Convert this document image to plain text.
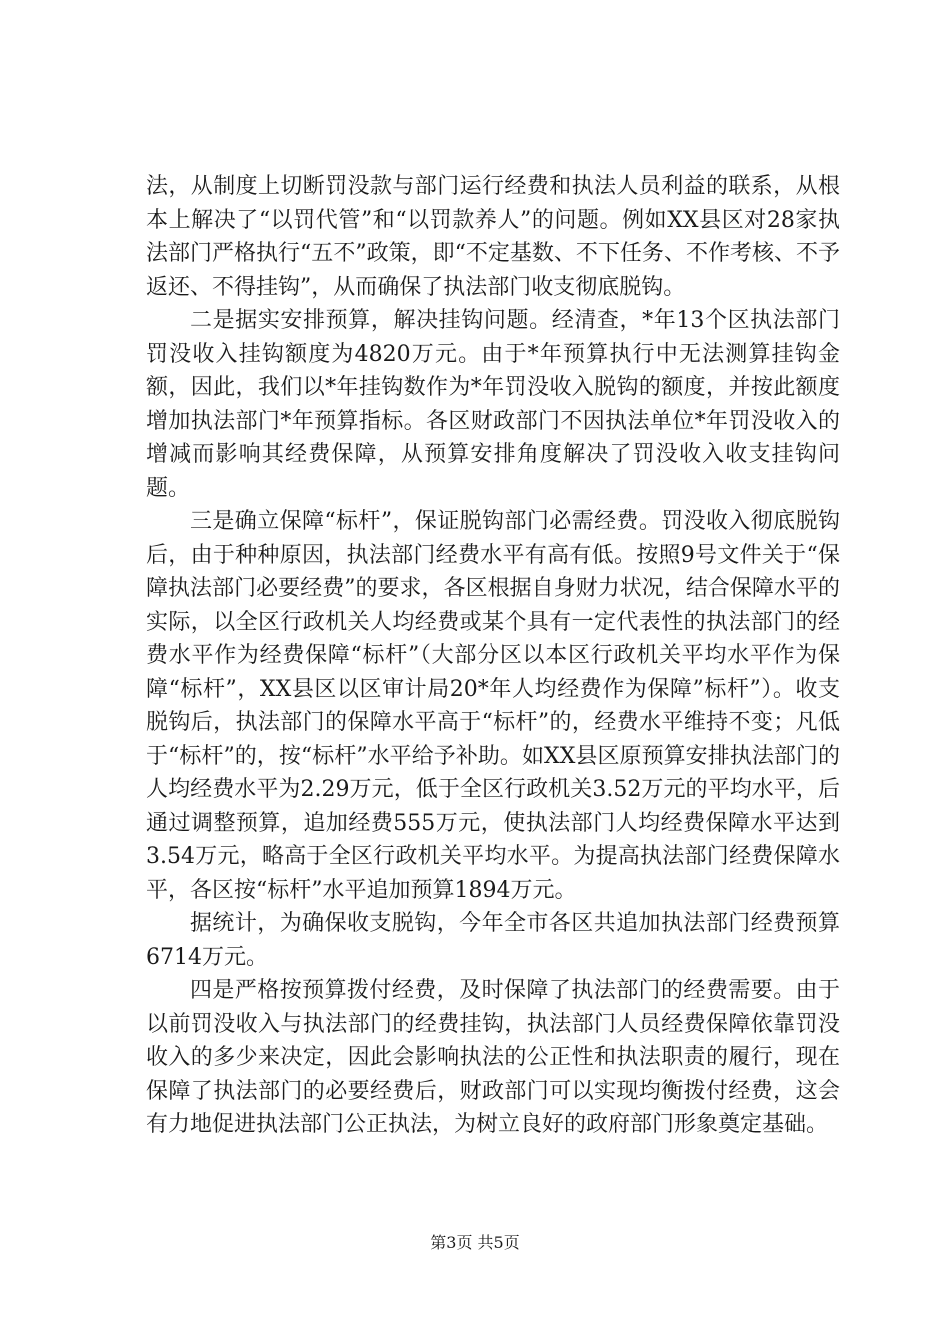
法，从制度上切断罚没款与部门运行经费和执法人员利益的联系，从根本上解决了“以罚代管”和“以罚款养人”的问题。例如XX县区对28家执法部门严格执行“五不”政策，即“不定基数、不下任务、不作考核、不予返还、不得挂钩”，从而确保了执法部门收支彻底脱钩。

二是据实安排预算，解决挂钩问题。经清查，*年13个区执法部门罚没收入挂钩额度为4820万元。由于*年预算执行中无法测算挂钩金额，因此，我们以*年挂钩数作为*年罚没收入脱钩的额度，并按此额度增加执法部门*年预算指标。各区财政部门不因执法单位*年罚没收入的增减而影响其经费保障，从预算安排角度解决了罚没收入收支挂钩问题。

三是确立保障“标杆”，保证脱钩部门必需经费。罚没收入彻底脱钩后，由于种种原因，执法部门经费水平有高有低。按照9号文件关于“保障执法部门必要经费”的要求，各区根据自身财力状况，结合保障水平的实际，以全区行政机关人均经费或某个具有一定代表性的执法部门的经费水平作为经费保障“标杆”（大部分区以本区行政机关平均水平作为保障“标杆”，XX县区以区审计局20*年人均经费作为保障”标杆”）。收支脱钩后，执法部门的保障水平高于“标杆”的，经费水平维持不变；凡低于“标杆”的，按“标杆”水平给予补助。如XX县区原预算安排执法部门的人均经费水平为2.29万元，低于全区行政机关3.52万元的平均水平，后通过调整预算，追加经费555万元，使执法部门人均经费保障水平达到3.54万元，略高于全区行政机关平均水平。为提高执法部门经费保障水平，各区按“标杆”水平追加预算1894万元。

据统计，为确保收支脱钩，今年全市各区共追加执法部门经费预算6714万元。

四是严格按预算拨付经费，及时保障了执法部门的经费需要。由于以前罚没收入与执法部门的经费挂钩，执法部门人员经费保障依靠罚没收入的多少来决定，因此会影响执法的公正性和执法职责的履行，现在保障了执法部门的必要经费后，财政部门可以实现均衡拨付经费，这会有力地促进执法部门公正执法，为树立良好的政府部门形象奠定基础。

第3页 共5页
